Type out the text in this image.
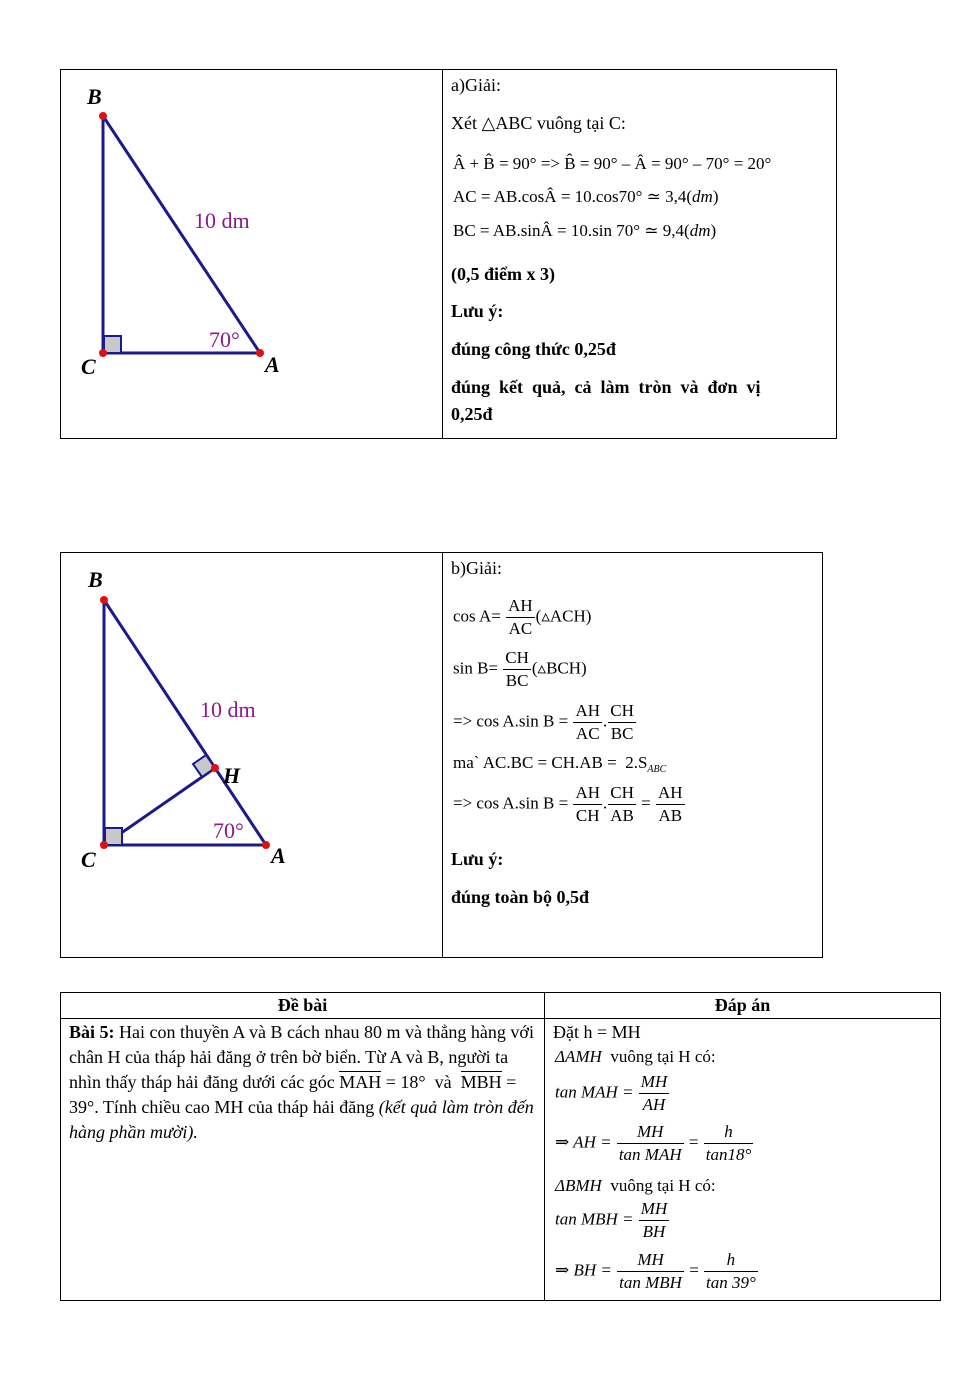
B
C	A
10 dm
70°
a)Giải:
Xét △ABC vuông tại C:
Â + B̂ = 90° => B̂ = 90° – Â = 90° – 70° = 20°
AC = AB.cosÂ = 10.cos70° ≃ 3,4(dm)
BC = AB.sinÂ = 10.sin 70° ≃ 9,4(dm)
(0,5 điểm x 3)
Lưu ý:
đúng công thức 0,25đ
đúng  kết  quả,  cả  làm  tròn  và  đơn  vị
0,25đ
B
C	A
H
10 dm
70°
b)Giải:
$\cos A= \frac{AH}{AC}$ (▵ACH)
$\sin B= \frac{CH}{BC}$ (▵BCH)
=> cos A.sin $B = \frac{AH}{AC}$ . $\frac{CH}{BC}$
ma` $AC.BC = CH.AB = 2.S_{ABC}$
=> cos A.sin $B = \frac{AH}{CH}$ . $\frac{CH}{AB} = \frac{AH}{AB}$
Lưu ý:
đúng toàn bộ 0,5đ
Đề bài	Đáp án
Bài 5: Hai con thuyền A và B cách nhau 80 m và thẳng hàng với chân H của tháp hải đăng ở trên bờ biển. Từ A và B, người ta nhìn thấy tháp hải đăng dưới các góc MAH = 18°  và  MBH = 39°. Tính chiều cao MH của tháp hải đăng (kết quả làm tròn đến hàng phần mười).
Đặt h = MH
ΔAMH  vuông tại H có:
tan MAH = $\frac{MH}{AH}$
⇒ AH = $\frac{MH}{\text{tan MAH}} = \frac{h}{\tan 18^\circ}$
ΔBMH  vuông tại H có:
tan MBH = $\frac{MH}{BH}$
⇒ BH = $\frac{MH}{\text{tan MBH}} = \frac{h}{\tan 39^\circ}$
